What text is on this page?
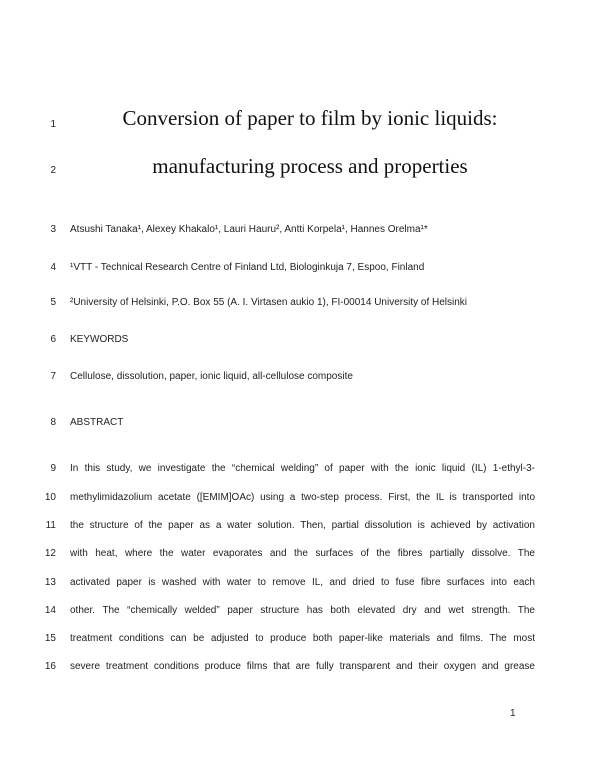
1
2
3
4
5
6
7
8
9
10
11
12
13
14
15
16
Conversion of paper to film by ionic liquids:
manufacturing process and properties
Atsushi Tanaka¹, Alexey Khakalo¹, Lauri Hauru², Antti Korpela¹, Hannes Orelma¹*
¹VTT - Technical Research Centre of Finland Ltd, Biologinkuja 7, Espoo, Finland
²University of Helsinki, P.O. Box 55 (A. I. Virtasen aukio 1), FI-00014 University of Helsinki
KEYWORDS
Cellulose, dissolution, paper, ionic liquid, all-cellulose composite
ABSTRACT
In this study, we investigate the “chemical welding” of paper with the ionic liquid (IL) 1-ethyl-3-
methylimidazolium acetate ([EMIM]OAc) using a two-step process. First, the IL is transported into
the structure of the paper as a water solution. Then, partial dissolution is achieved by activation
with heat, where the water evaporates and the surfaces of the fibres partially dissolve. The
activated paper is washed with water to remove IL, and dried to fuse fibre surfaces into each
other. The “chemically welded” paper structure has both elevated dry and wet strength. The
treatment conditions can be adjusted to produce both paper-like materials and films. The most
severe treatment conditions produce films that are fully transparent and their oxygen and grease
1
